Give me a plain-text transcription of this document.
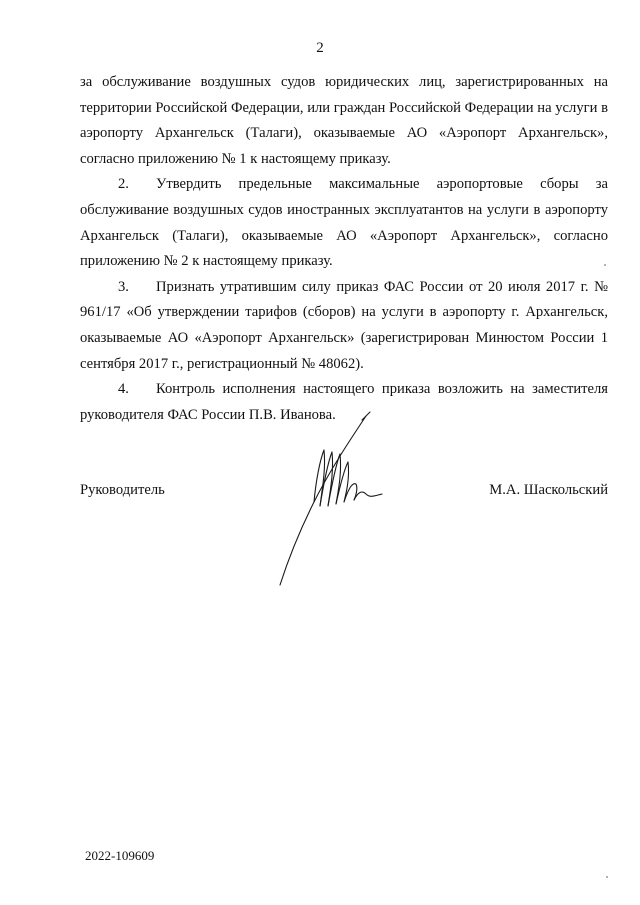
2

за обслуживание воздушных судов юридических лиц, зарегистрированных на территории Российской Федерации, или граждан Российской Федерации на услуги в аэропорту Архангельск (Талаги), оказываемые АО «Аэропорт Архангельск», согласно приложению № 1 к настоящему приказу.

2. Утвердить предельные максимальные аэропортовые сборы за обслуживание воздушных судов иностранных эксплуатантов на услуги в аэропорту Архангельск (Талаги), оказываемые АО «Аэропорт Архангельск», согласно приложению № 2 к настоящему приказу.

3. Признать утратившим силу приказ ФАС России от 20 июля 2017 г. № 961/17 «Об утверждении тарифов (сборов) на услуги в аэропорту г. Архангельск, оказываемые АО «Аэропорт Архангельск» (зарегистрирован Минюстом России 1 сентября 2017 г., регистрационный № 48062).

4. Контроль исполнения настоящего приказа возложить на заместителя руководителя ФАС России П.В. Иванова.

Руководитель	М.А. Шаскольский
2022-109609
